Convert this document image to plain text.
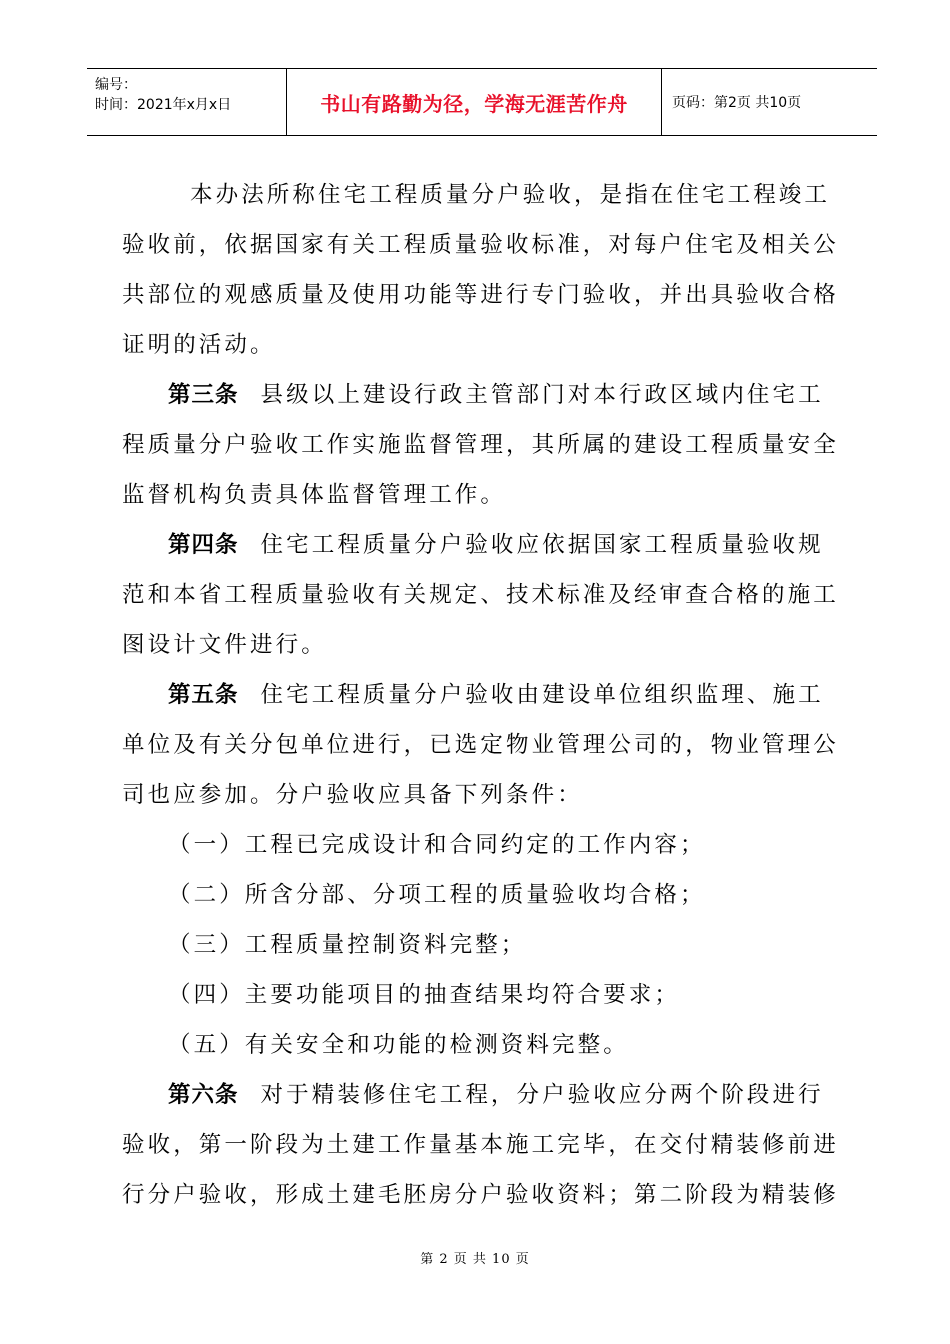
编号：
时间：2021年x月x日	书山有路勤为径，学海无涯苦作舟	页码：第2页 共10页

本办法所称住宅工程质量分户验收，是指在住宅工程竣工
验收前，依据国家有关工程质量验收标准，对每户住宅及相关公
共部位的观感质量及使用功能等进行专门验收，并出具验收合格
证明的活动。

第三条 县级以上建设行政主管部门对本行政区域内住宅工
程质量分户验收工作实施监督管理，其所属的建设工程质量安全
监督机构负责具体监督管理工作。

第四条 住宅工程质量分户验收应依据国家工程质量验收规
范和本省工程质量验收有关规定、技术标准及经审查合格的施工
图设计文件进行。

第五条 住宅工程质量分户验收由建设单位组织监理、施工
单位及有关分包单位进行，已选定物业管理公司的，物业管理公
司也应参加。分户验收应具备下列条件：

（一）工程已完成设计和合同约定的工作内容；

（二）所含分部、分项工程的质量验收均合格；

（三）工程质量控制资料完整；

（四）主要功能项目的抽查结果均符合要求；

（五）有关安全和功能的检测资料完整。

第六条 对于精装修住宅工程，分户验收应分两个阶段进行
验收，第一阶段为土建工作量基本施工完毕，在交付精装修前进
行分户验收，形成土建毛胚房分户验收资料；第二阶段为精装修

第 2 页 共 10 页
